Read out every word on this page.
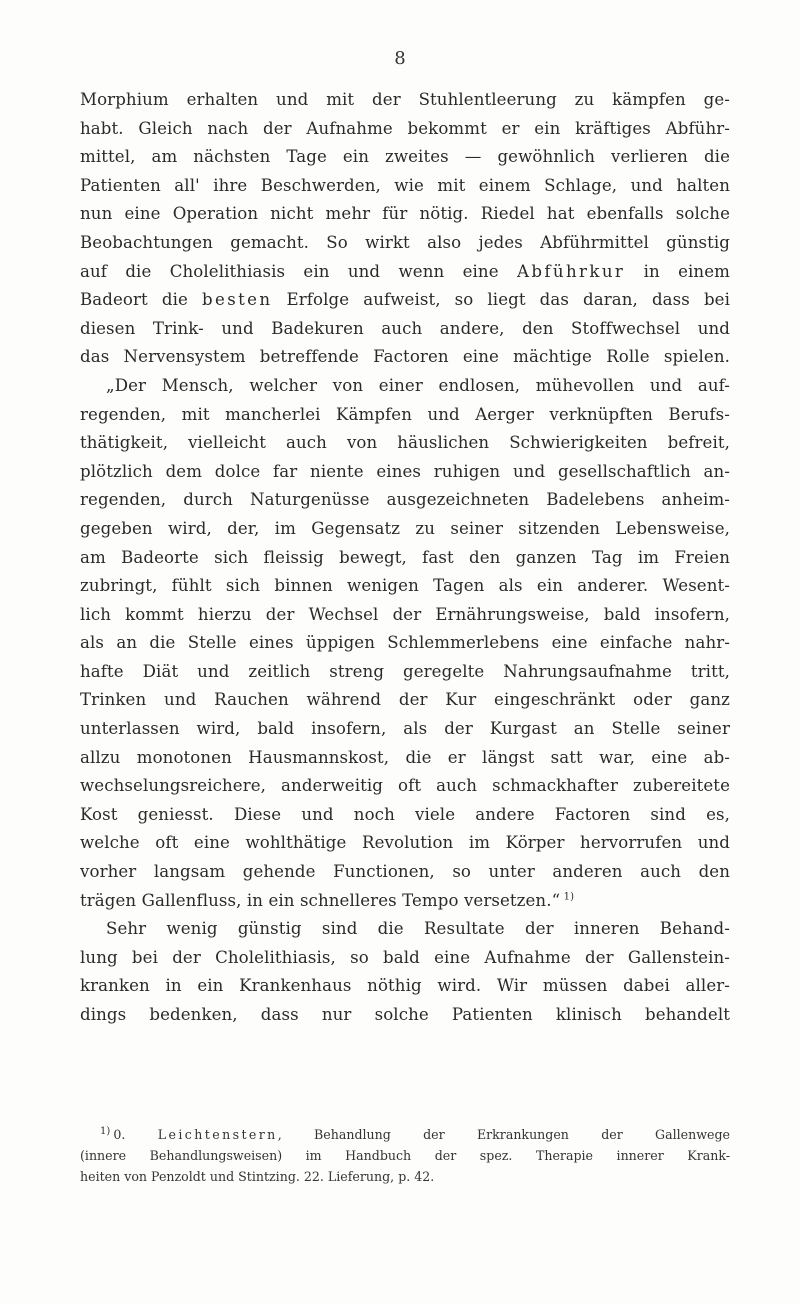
8
Morphium erhalten und mit der Stuhlentleerung zu kämpfen ge-
habt. Gleich nach der Aufnahme bekommt er ein kräftiges Abführ-
mittel, am nächsten Tage ein zweites — gewöhnlich verlieren die
Patienten all' ihre Beschwerden, wie mit einem Schlage, und halten
nun eine Operation nicht mehr für nötig. Riedel hat ebenfalls solche
Beobachtungen gemacht. So wirkt also jedes Abführmittel günstig
auf die Cholelithiasis ein und wenn eine Abführkur in einem
Badeort die besten Erfolge aufweist, so liegt das daran, dass bei
diesen Trink- und Badekuren auch andere, den Stoffwechsel und
das Nervensystem betreffende Factoren eine mächtige Rolle spielen.
„Der Mensch, welcher von einer endlosen, mühevollen und auf-
regenden, mit mancherlei Kämpfen und Aerger verknüpften Berufs-
thätigkeit, vielleicht auch von häuslichen Schwierigkeiten befreit,
plötzlich dem dolce far niente eines ruhigen und gesellschaftlich an-
regenden, durch Naturgenüsse ausgezeichneten Badelebens anheim-
gegeben wird, der, im Gegensatz zu seiner sitzenden Lebensweise,
am Badeorte sich fleissig bewegt, fast den ganzen Tag im Freien
zubringt, fühlt sich binnen wenigen Tagen als ein anderer. Wesent-
lich kommt hierzu der Wechsel der Ernährungsweise, bald insofern,
als an die Stelle eines üppigen Schlemmerlebens eine einfache nahr-
hafte Diät und zeitlich streng geregelte Nahrungsaufnahme tritt,
Trinken und Rauchen während der Kur eingeschränkt oder ganz
unterlassen wird, bald insofern, als der Kurgast an Stelle seiner
allzu monotonen Hausmannskost, die er längst satt war, eine ab-
wechselungsreichere, anderweitig oft auch schmackhafter zubereitete
Kost geniesst. Diese und noch viele andere Factoren sind es,
welche oft eine wohlthätige Revolution im Körper hervorrufen und
vorher langsam gehende Functionen, so unter anderen auch den
trägen Gallenfluss, in ein schnelleres Tempo versetzen.“  $^{1)}$
Sehr wenig günstig sind die Resultate der inneren Behand-
lung bei der Cholelithiasis, so bald eine Aufnahme der Gallenstein-
kranken in ein Krankenhaus nöthig wird. Wir müssen dabei aller-
dings bedenken, dass nur solche Patienten klinisch behandelt
$^{1)}$  0. Leichtenstern, Behandlung der Erkrankungen der Gallenwege
(innere Behandlungsweisen) im Handbuch der spez. Therapie innerer Krank-
heiten von Penzoldt und Stintzing. 22. Lieferung, p. 42.
